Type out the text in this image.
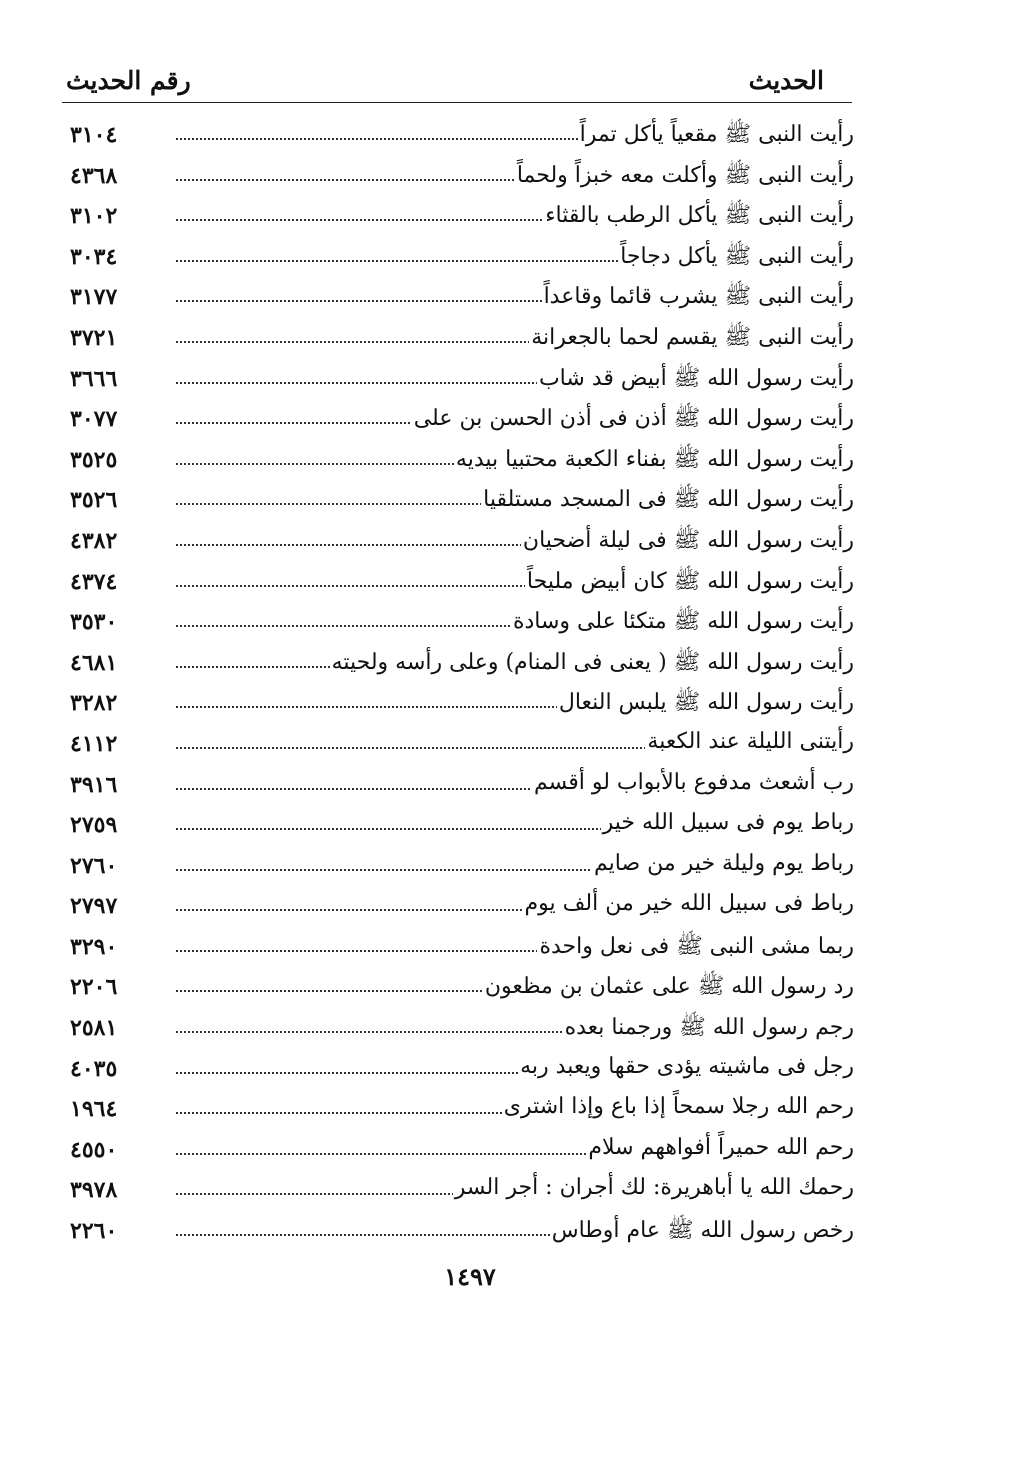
الحديث
رقم الحديث
رأيت النبى ﷺ مقعياً يأكل تمراً
٣١٠٤
رأيت النبى ﷺ وأكلت معه خبزاً ولحماً
٤٣٦٨
رأيت النبى ﷺ يأكل الرطب بالقثاء
٣١٠٢
رأيت النبى ﷺ يأكل دجاجاً
٣٠٣٤
رأيت النبى ﷺ يشرب قائما وقاعداً
٣١٧٧
رأيت النبى ﷺ يقسم لحما بالجعرانة
٣٧٢١
رأيت رسول الله ﷺ أبيض قد شاب
٣٦٦٦
رأيت رسول الله ﷺ أذن فى أذن الحسن بن على
٣٠٧٧
رأيت رسول الله ﷺ بفناء الكعبة محتبيا بيديه
٣٥٢٥
رأيت رسول الله ﷺ فى المسجد مستلقيا
٣٥٢٦
رأيت رسول الله ﷺ فى ليلة أضحيان
٤٣٨٢
رأيت رسول الله ﷺ كان أبيض مليحاً
٤٣٧٤
رأيت رسول الله ﷺ متكئا على وسادة
٣٥٣٠
رأيت رسول الله ﷺ ( يعنى فى المنام) وعلى رأسه ولحيته
٤٦٨١
رأيت رسول الله ﷺ يلبس النعال
٣٢٨٢
رأيتنى الليلة عند الكعبة
٤١١٢
رب أشعث مدفوع بالأبواب لو أقسم
٣٩١٦
رباط يوم فى سبيل الله خير
٢٧٥٩
رباط يوم وليلة خير من صايم
٢٧٦٠
رباط فى سبيل الله خير من ألف يوم
٢٧٩٧
ربما مشى النبى ﷺ فى نعل واحدة
٣٢٩٠
رد رسول الله ﷺ على عثمان بن مظعون
٢٢٠٦
رجم رسول الله ﷺ ورجمنا بعده
٢٥٨١
رجل فى ماشيته يؤدى حقها ويعبد ربه
٤٠٣٥
رحم الله رجلا سمحاً إذا باع وإذا اشترى
١٩٦٤
رحم الله حميراً أفواههم سلام
٤٥٥٠
رحمك الله يا أباهريرة: لك أجران : أجر السر
٣٩٧٨
رخص رسول الله ﷺ عام أوطاس
٢٢٦٠
١٤٩٧
